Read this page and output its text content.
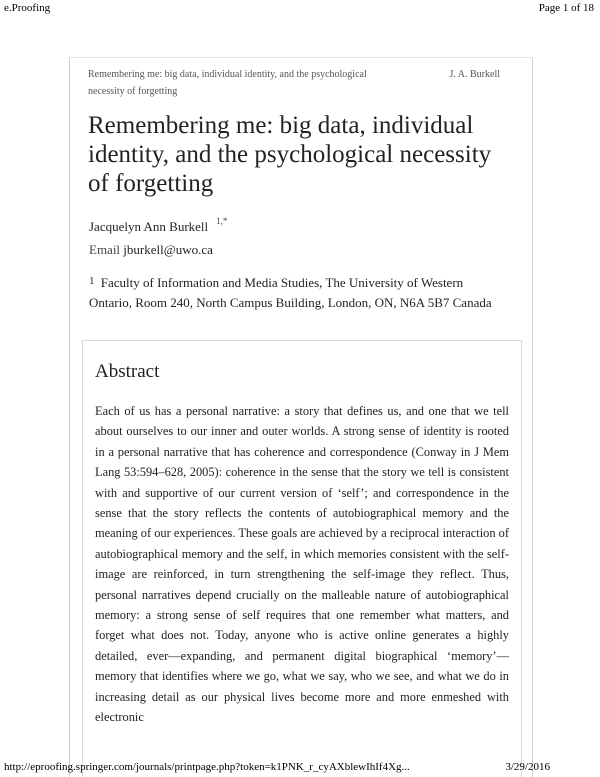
e.Proofing	Page 1 of 18
Remembering me: big data, individual identity, and the psychological necessity of forgetting
J. A. Burkell
Remembering me: big data, individual identity, and the psychological necessity of forgetting
Jacquelyn Ann Burkell $^{1,*}$
Email jburkell@uwo.ca
$^1$ Faculty of Information and Media Studies, The University of Western Ontario, Room 240, North Campus Building, London, ON, N6A 5B7 Canada
Abstract
Each of us has a personal narrative: a story that defines us, and one that we tell about ourselves to our inner and outer worlds. A strong sense of identity is rooted in a personal narrative that has coherence and correspondence (Conway in J Mem Lang 53:594–628, 2005): coherence in the sense that the story we tell is consistent with and supportive of our current version of ‘self’; and correspondence in the sense that the story reflects the contents of autobiographical memory and the meaning of our experiences. These goals are achieved by a reciprocal interaction of autobiographical memory and the self, in which memories consistent with the self-image are reinforced, in turn strengthening the self-image they reflect. Thus, personal narratives depend crucially on the malleable nature of autobiographical memory: a strong sense of self requires that one remember what matters, and forget what does not. Today, anyone who is active online generates a highly detailed, ever—expanding, and permanent digital biographical ‘memory’—memory that identifies where we go, what we say, who we see, and what we do in increasing detail as our physical lives become more and more enmeshed with electronic
http://eproofing.springer.com/journals/printpage.php?token=k1PNK_r_cyAXblewIhIf4Xg...	3/29/2016
